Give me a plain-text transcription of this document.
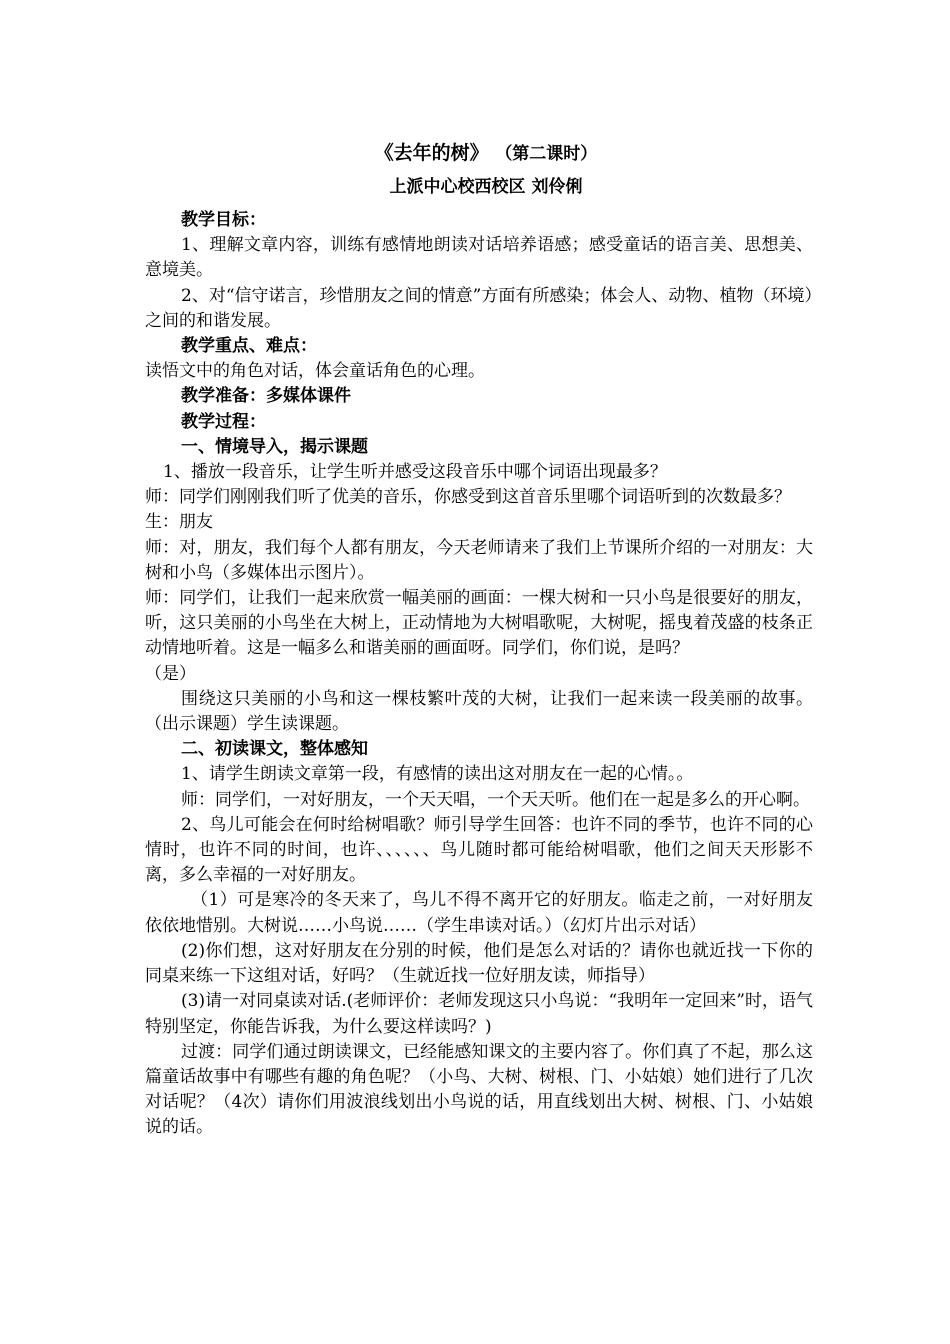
《去年的树》 （第二课时）
上派中心校西校区 刘伶俐

教学目标：

1、理解文章内容，训练有感情地朗读对话培养语感；感受童话的语言美、思想美、意境美。

2、对“信守诺言，珍惜朋友之间的情意”方面有所感染；体会人、动物、植物（环境）之间的和谐发展。

教学重点、难点：

读悟文中的角色对话，体会童话角色的心理。

教学准备：多媒体课件

教学过程：

一、情境导入，揭示课题

1、播放一段音乐，让学生听并感受这段音乐中哪个词语出现最多？

师：同学们刚刚我们听了优美的音乐，你感受到这首音乐里哪个词语听到的次数最多？

生：朋友

师：对，朋友，我们每个人都有朋友，今天老师请来了我们上节课所介绍的一对朋友：大树和小鸟（多媒体出示图片）。

师：同学们，让我们一起来欣赏一幅美丽的画面：一棵大树和一只小鸟是很要好的朋友，听，这只美丽的小鸟坐在大树上，正动情地为大树唱歌呢，大树呢，摇曳着茂盛的枝条正动情地听着。这是一幅多么和谐美丽的画面呀。同学们，你们说，是吗？

（是）

围绕这只美丽的小鸟和这一棵枝繁叶茂的大树，让我们一起来读一段美丽的故事。（出示课题）学生读课题。

二、初读课文，整体感知

1、请学生朗读文章第一段，有感情的读出这对朋友在一起的心情。。

师：同学们，一对好朋友，一个天天唱，一个天天听。他们在一起是多么的开心啊。

2、鸟儿可能会在何时给树唱歌？师引导学生回答：也许不同的季节，也许不同的心情时，也许不同的时间，也许、、、、、、鸟儿随时都可能给树唱歌，他们之间天天形影不离，多么幸福的一对好朋友。

（1）可是寒冷的冬天来了，鸟儿不得不离开它的好朋友。临走之前，一对好朋友依依地惜别。大树说……小鸟说……（学生串读对话。）（幻灯片出示对话）

(2)你们想，这对好朋友在分别的时候，他们是怎么对话的？请你也就近找一下你的同桌来练一下这组对话，好吗？（生就近找一位好朋友读，师指导）

(3)请一对同桌读对话.(老师评价：老师发现这只小鸟说：“我明年一定回来”时，语气特别坚定，你能告诉我，为什么要这样读吗？)

过渡：同学们通过朗读课文，已经能感知课文的主要内容了。你们真了不起，那么这篇童话故事中有哪些有趣的角色呢？（小鸟、大树、树根、门、小姑娘）她们进行了几次对话呢？（4次）请你们用波浪线划出小鸟说的话，用直线划出大树、树根、门、小姑娘说的话。
